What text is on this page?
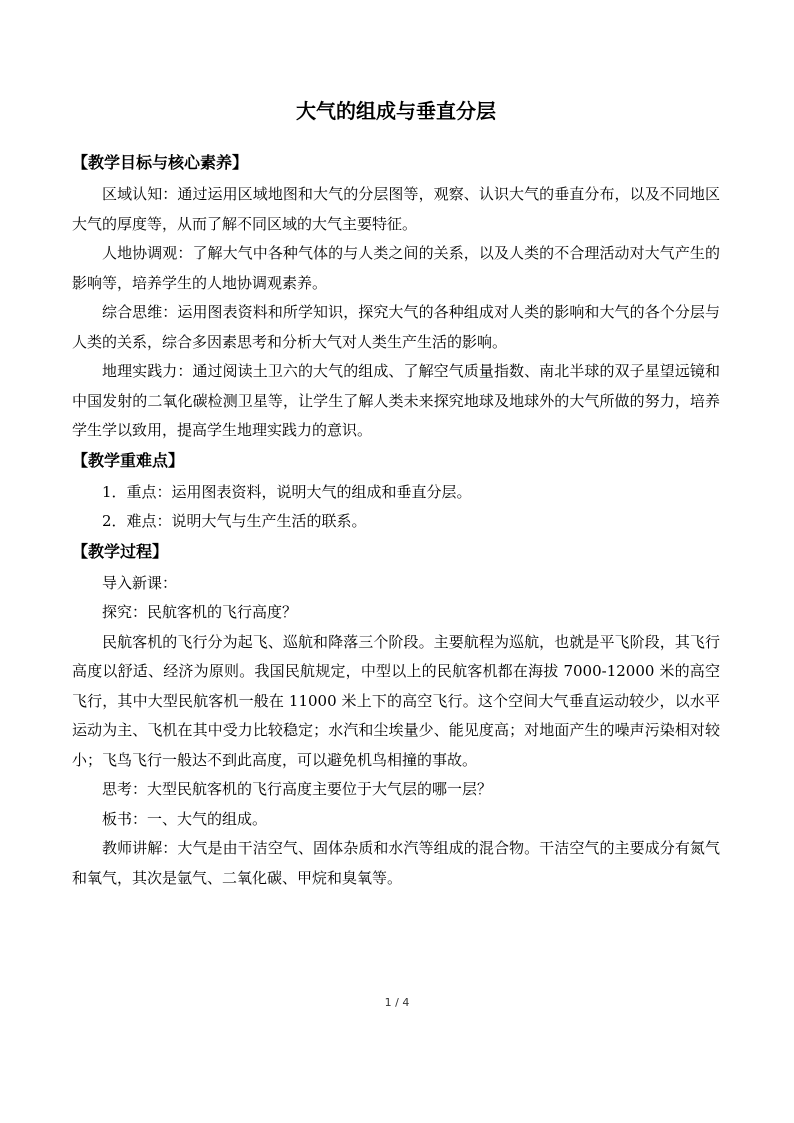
大气的组成与垂直分层
【教学目标与核心素养】

区域认知：通过运用区域地图和大气的分层图等，观察、认识大气的垂直分布，以及不同地区大气的厚度等，从而了解不同区域的大气主要特征。

人地协调观：了解大气中各种气体的与人类之间的关系，以及人类的不合理活动对大气产生的影响等，培养学生的人地协调观素养。

综合思维：运用图表资料和所学知识，探究大气的各种组成对人类的影响和大气的各个分层与人类的关系，综合多因素思考和分析大气对人类生产生活的影响。

地理实践力：通过阅读土卫六的大气的组成、了解空气质量指数、南北半球的双子星望远镜和中国发射的二氧化碳检测卫星等，让学生了解人类未来探究地球及地球外的大气所做的努力，培养学生学以致用，提高学生地理实践力的意识。

【教学重难点】

1．重点：运用图表资料，说明大气的组成和垂直分层。

2．难点：说明大气与生产生活的联系。

【教学过程】

导入新课：

探究：民航客机的飞行高度？

民航客机的飞行分为起飞、巡航和降落三个阶段。主要航程为巡航，也就是平飞阶段，其飞行高度以舒适、经济为原则。我国民航规定，中型以上的民航客机都在海拔 7000-12000 米的高空飞行，其中大型民航客机一般在 11000 米上下的高空飞行。这个空间大气垂直运动较少，以水平运动为主、飞机在其中受力比较稳定；水汽和尘埃量少、能见度高；对地面产生的噪声污染相对较小；飞鸟飞行一般达不到此高度，可以避免机鸟相撞的事故。

思考：大型民航客机的飞行高度主要位于大气层的哪一层？

板书：一、大气的组成。

教师讲解：大气是由干洁空气、固体杂质和水汽等组成的混合物。干洁空气的主要成分有氮气和氧气，其次是氩气、二氧化碳、甲烷和臭氧等。

1 / 4
